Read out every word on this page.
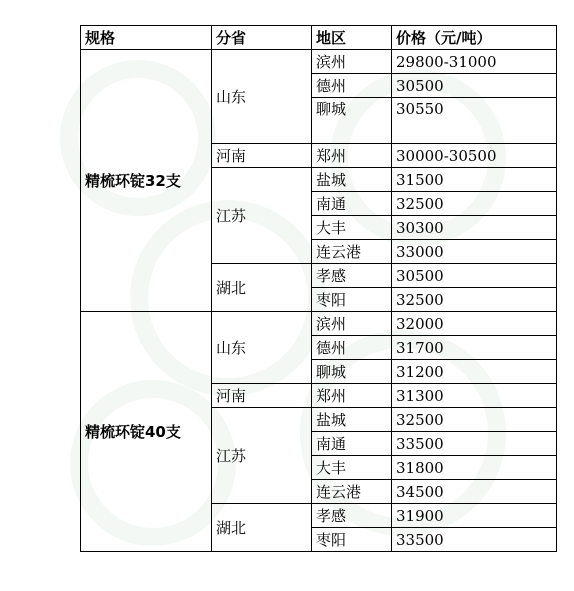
规格	分省	地区	价格（元/吨）
精梳环锭32支	山东	滨州	29800-31000
		德州	30500
		聊城	30550
	河南	郑州	30000-30500
	江苏	盐城	31500
		南通	32500
		大丰	30300
		连云港	33000
	湖北	孝感	30500
		枣阳	32500
精梳环锭40支	山东	滨州	32000
		德州	31700
		聊城	31200
	河南	郑州	31300
	江苏	盐城	32500
		南通	33500
		大丰	31800
		连云港	34500
	湖北	孝感	31900
		枣阳	33500
